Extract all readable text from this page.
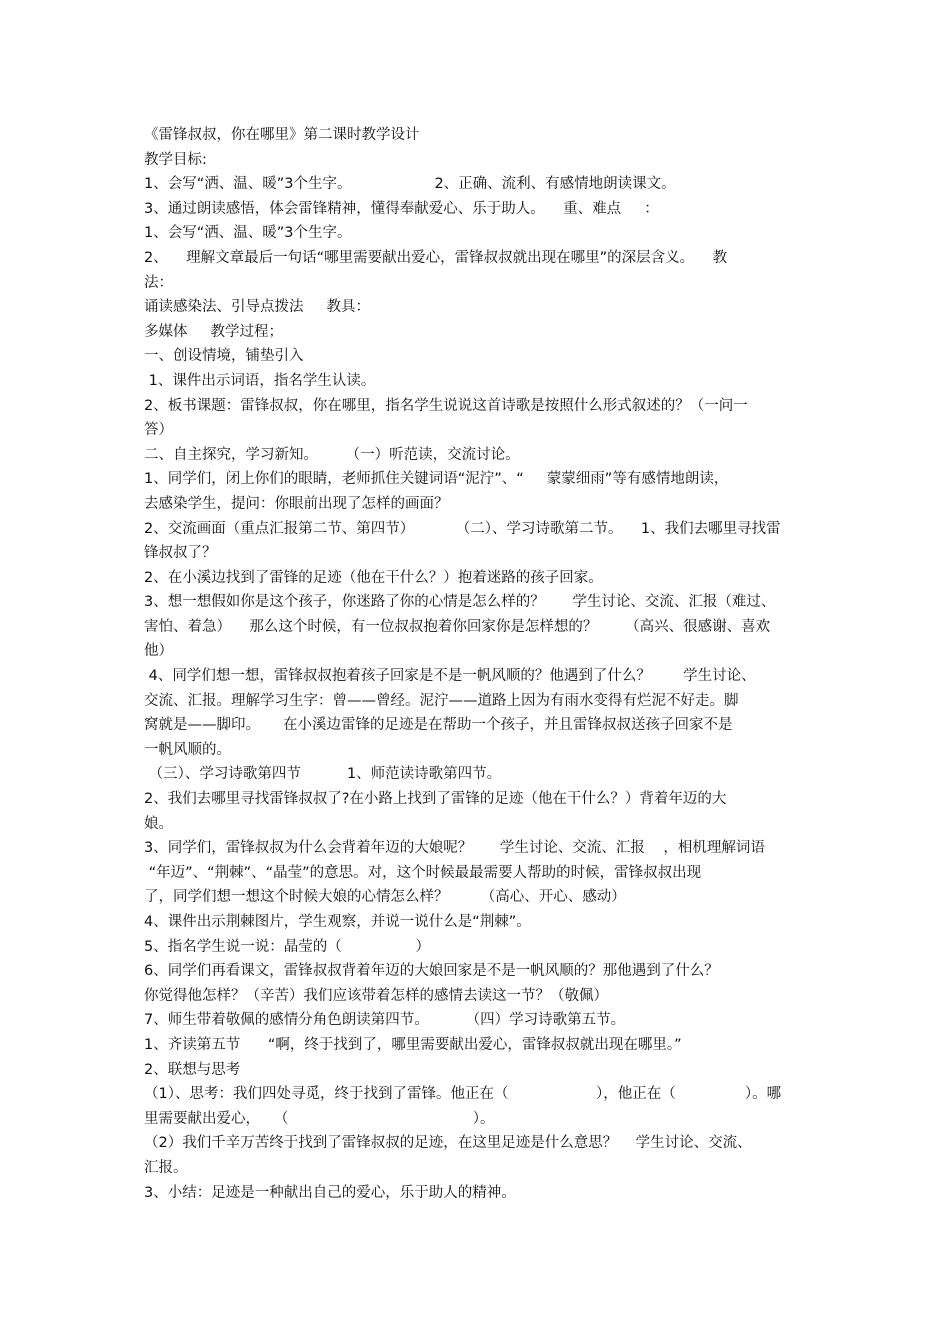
《雷锋叔叔，你在哪里》第二课时教学设计
教学目标:
1、会写“洒、温、暖”3个生字。                  2、正确、流利、有感情地朗读课文。
3、通过朗读感悟，体会雷锋精神，懂得奉献爱心、乐于助人。    重、难点     ：
1、会写“洒、温、暖”3个生字。
2、    理解文章最后一句话“哪里需要献出爱心，雷锋叔叔就出现在哪里”的深层含义。    教
法：
诵读感染法、引导点拨法     教具：
多媒体     教学过程；
一、创设情境，铺垫引入
1、课件出示词语，指名学生认读。
2、板书课题：雷锋叔叔，你在哪里，指名学生说说这首诗歌是按照什么形式叙述的？（一问一
答）
二、自主探究，学习新知。      （一）听范读，交流讨论。
1、同学们，闭上你们的眼睛，老师抓住关键词语“泥泞”、“     蒙蒙细雨”等有感情地朗读，
去感染学生，提问：你眼前出现了怎样的画面？
2、交流画面（重点汇报第二节、第四节）         （二）、学习诗歌第二节。    1、我们去哪里寻找雷
锋叔叔了？
2、在小溪边找到了雷锋的足迹（他在干什么？）抱着迷路的孩子回家。
3、想一想假如你是这个孩子，你迷路了你的心情是怎么样的？      学生讨论、交流、汇报（难过、
害怕、着急）    那么这个时候，有一位叔叔抱着你回家你是怎样想的？      （高兴、很感谢、喜欢
他）
4、同学们想一想，雷锋叔叔抱着孩子回家是不是一帆风顺的？他遇到了什么？       学生讨论、
交流、汇报。理解学习生字：曾——曾经。泥泞——道路上因为有雨水变得有烂泥不好走。脚
窝就是——脚印。     在小溪边雷锋的足迹是在帮助一个孩子，并且雷锋叔叔送孩子回家不是
一帆风顺的。
（三）、学习诗歌第四节          1、师范读诗歌第四节。
2、我们去哪里寻找雷锋叔叔了?在小路上找到了雷锋的足迹（他在干什么？）背着年迈的大
娘。
3、同学们，雷锋叔叔为什么会背着年迈的大娘呢？      学生讨论、交流、汇报    ，相机理解词语
“年迈”、“荆棘”、“晶莹”的意思。对，这个时候最最需要人帮助的时候，雷锋叔叔出现
了，同学们想一想这个时候大娘的心情怎么样？       （高心、开心、感动）
4、课件出示荆棘图片，学生观察，并说一说什么是“荆棘”。
5、指名学生说一说：晶莹的（                ）
6、同学们再看课文，雷锋叔叔背着年迈的大娘回家是不是一帆风顺的？那他遇到了什么？
你觉得他怎样？（辛苦）我们应该带着怎样的感情去读这一节？（敬佩）
7、师生带着敬佩的感情分角色朗读第四节。        （四）学习诗歌第五节。
1、齐读第五节      “啊，终于找到了，哪里需要献出爱心，雷锋叔叔就出现在哪里。”
2、联想与思考
（1）、思考：我们四处寻觅，终于找到了雷锋。他正在（                   ），他正在（               ）。哪
里需要献出爱心，   （                                        ）。
（2）我们千辛万苦终于找到了雷锋叔叔的足迹，在这里足迹是什么意思？    学生讨论、交流、
汇报。
3、小结：足迹是一种献出自己的爱心，乐于助人的精神。
